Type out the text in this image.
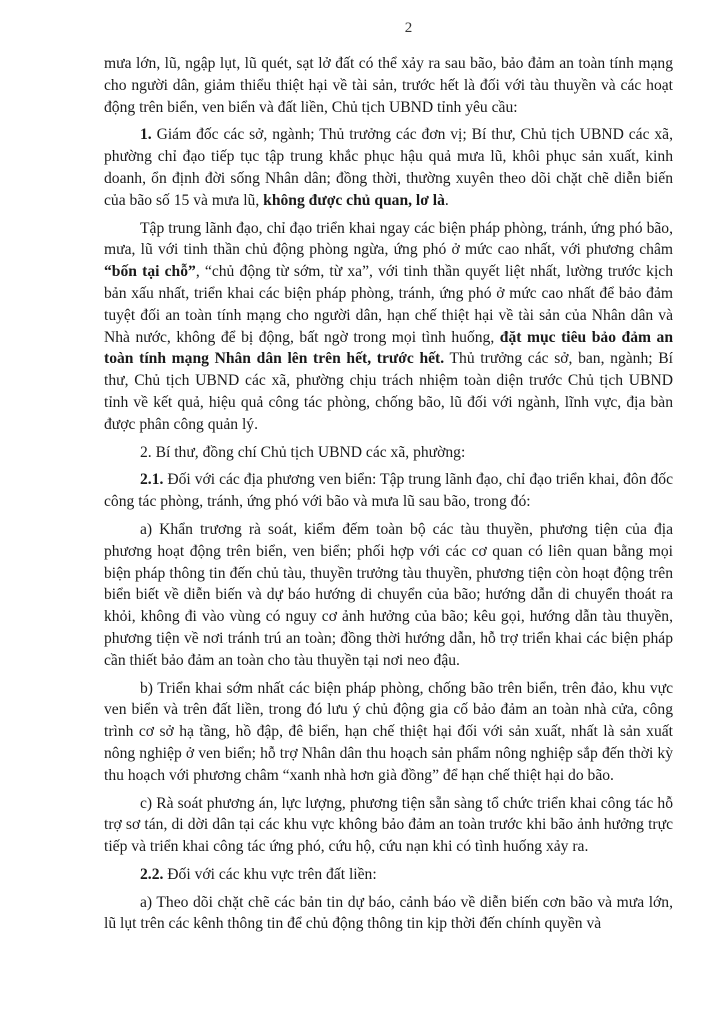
2

mưa lớn, lũ, ngập lụt, lũ quét, sạt lở đất có thể xảy ra sau bão, bảo đảm an toàn tính mạng cho người dân, giảm thiểu thiệt hại về tài sản, trước hết là đối với tàu thuyền và các hoạt động trên biển, ven biển và đất liền, Chủ tịch UBND tỉnh yêu cầu:

1. Giám đốc các sở, ngành; Thủ trưởng các đơn vị; Bí thư, Chủ tịch UBND các xã, phường chỉ đạo tiếp tục tập trung khắc phục hậu quả mưa lũ, khôi phục sản xuất, kinh doanh, ổn định đời sống Nhân dân; đồng thời, thường xuyên theo dõi chặt chẽ diễn biến của bão số 15 và mưa lũ, không được chủ quan, lơ là.

Tập trung lãnh đạo, chỉ đạo triển khai ngay các biện pháp phòng, tránh, ứng phó bão, mưa, lũ với tinh thần chủ động phòng ngừa, ứng phó ở mức cao nhất, với phương châm “bốn tại chỗ”, “chủ động từ sớm, từ xa”, với tinh thần quyết liệt nhất, lường trước kịch bản xấu nhất, triển khai các biện pháp phòng, tránh, ứng phó ở mức cao nhất để bảo đảm tuyệt đối an toàn tính mạng cho người dân, hạn chế thiệt hại về tài sản của Nhân dân và Nhà nước, không để bị động, bất ngờ trong mọi tình huống, đặt mục tiêu bảo đảm an toàn tính mạng Nhân dân lên trên hết, trước hết. Thủ trưởng các sở, ban, ngành; Bí thư, Chủ tịch UBND các xã, phường chịu trách nhiệm toàn diện trước Chủ tịch UBND tỉnh về kết quả, hiệu quả công tác phòng, chống bão, lũ đối với ngành, lĩnh vực, địa bàn được phân công quản lý.

2. Bí thư, đồng chí Chủ tịch UBND các xã, phường:

2.1. Đối với các địa phương ven biển: Tập trung lãnh đạo, chỉ đạo triển khai, đôn đốc công tác phòng, tránh, ứng phó với bão và mưa lũ sau bão, trong đó:

a) Khẩn trương rà soát, kiểm đếm toàn bộ các tàu thuyền, phương tiện của địa phương hoạt động trên biển, ven biển; phối hợp với các cơ quan có liên quan bằng mọi biện pháp thông tin đến chủ tàu, thuyền trưởng tàu thuyền, phương tiện còn hoạt động trên biển biết về diễn biến và dự báo hướng di chuyển của bão; hướng dẫn di chuyển thoát ra khỏi, không đi vào vùng có nguy cơ ảnh hưởng của bão; kêu gọi, hướng dẫn tàu thuyền, phương tiện về nơi tránh trú an toàn; đồng thời hướng dẫn, hỗ trợ triển khai các biện pháp cần thiết bảo đảm an toàn cho tàu thuyền tại nơi neo đậu.

b) Triển khai sớm nhất các biện pháp phòng, chống bão trên biển, trên đảo, khu vực ven biển và trên đất liền, trong đó lưu ý chủ động gia cố bảo đảm an toàn nhà cửa, công trình cơ sở hạ tầng, hồ đập, đê biển, hạn chế thiệt hại đối với sản xuất, nhất là sản xuất nông nghiệp ở ven biển; hỗ trợ Nhân dân thu hoạch sản phẩm nông nghiệp sắp đến thời kỳ thu hoạch với phương châm “xanh nhà hơn già đồng” để hạn chế thiệt hại do bão.

c) Rà soát phương án, lực lượng, phương tiện sẵn sàng tổ chức triển khai công tác hỗ trợ sơ tán, di dời dân tại các khu vực không bảo đảm an toàn trước khi bão ảnh hưởng trực tiếp và triển khai công tác ứng phó, cứu hộ, cứu nạn khi có tình huống xảy ra.

2.2. Đối với các khu vực trên đất liền:

a) Theo dõi chặt chẽ các bản tin dự báo, cảnh báo về diễn biến cơn bão và mưa lớn, lũ lụt trên các kênh thông tin để chủ động thông tin kịp thời đến chính quyền và
